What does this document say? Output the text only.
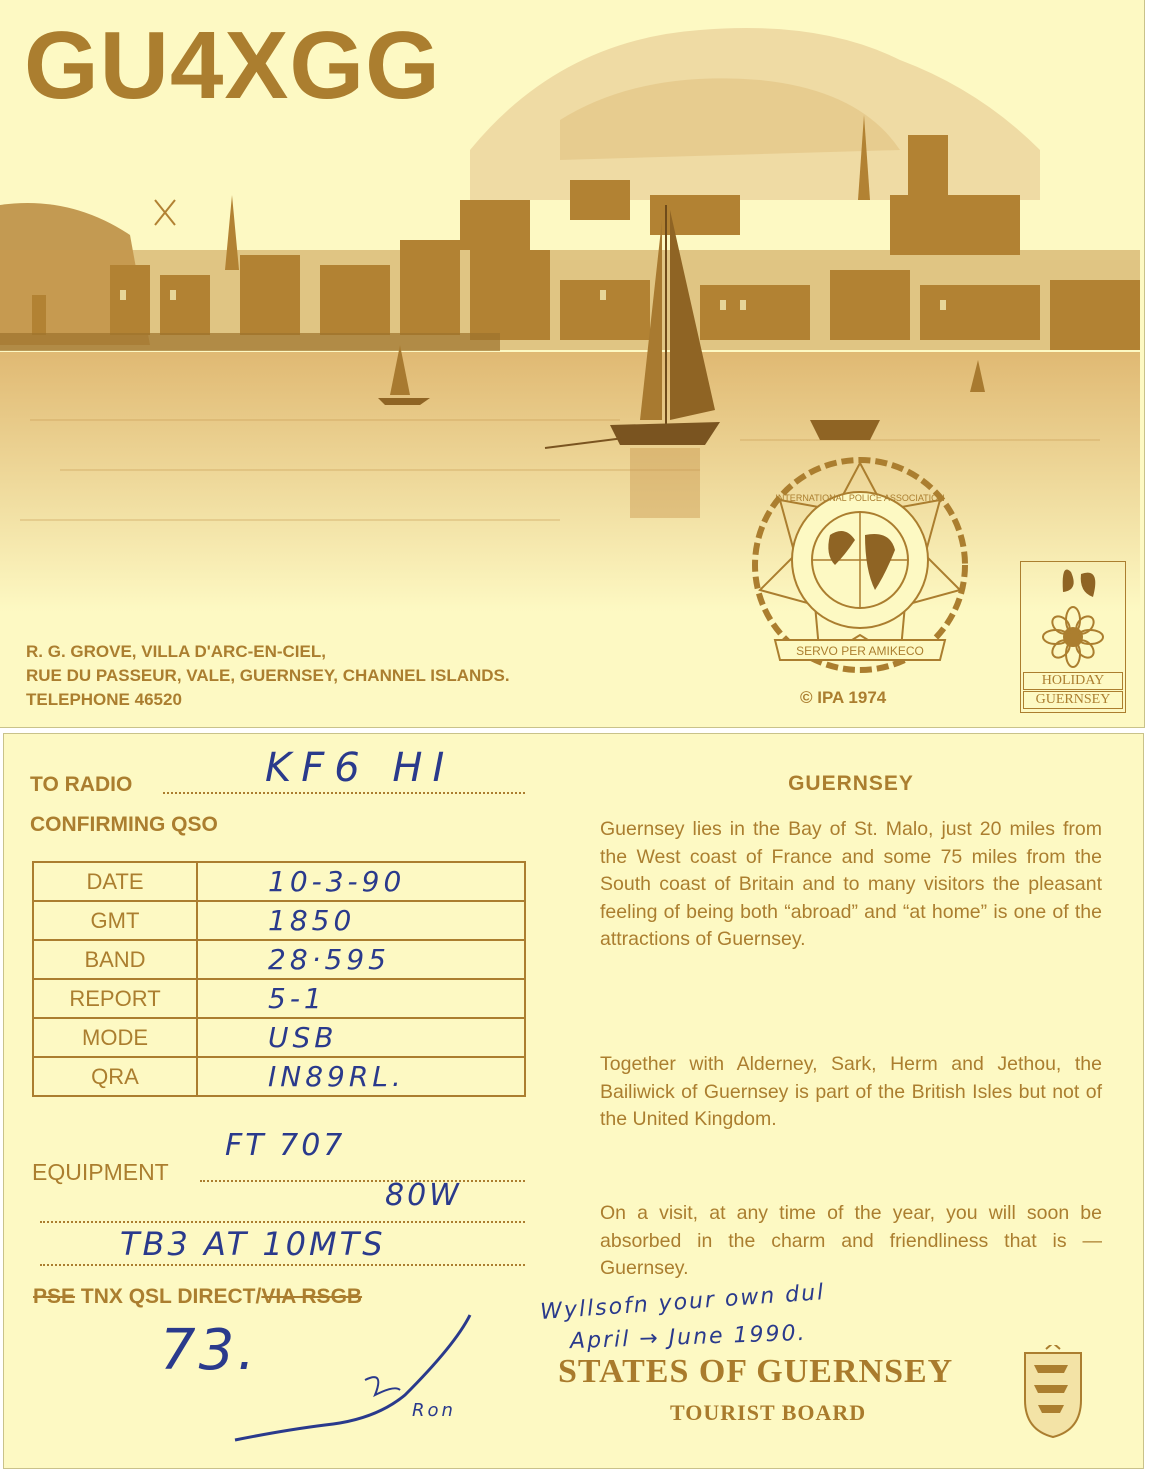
GU4XGG
SERVO PER AMIKECO
INTERNATIONAL POLICE ASSOCIATION
HOLIDAY
GUERNSEY
R. G. GROVE, VILLA D'ARC-EN-CIEL,
RUE DU PASSEUR, VALE, GUERNSEY, CHANNEL ISLANDS.
TELEPHONE 46520	© IPA 1974
TO RADIO	KF6 HI
CONFIRMING QSO
DATE	10-3-90
GMT	1850
BAND	28·595
REPORT	5-1
MODE	USB
QRA	IN89RL.
EQUIPMENT
FT 707
80W
TB3 AT 10MTS
PSE TNX QSL DIRECT/VIA RSGB
73.
Ron
Wyllsofn your own dul
April → June 1990.
GUERNSEY
Guernsey lies in the Bay of St. Malo, just 20 miles from the West coast of France and some 75 miles from the South coast of Britain and to many visitors the pleasant feeling of being both “abroad” and “at home” is one of the attractions of Guernsey.
Together with Alderney, Sark, Herm and Jethou, the Bailiwick of Guernsey is part of the British Isles but not of the United Kingdom.
On a visit, at any time of the year, you will soon be absorbed in the charm and friendliness that is — Guernsey.
STATES OF GUERNSEY
TOURIST BOARD
